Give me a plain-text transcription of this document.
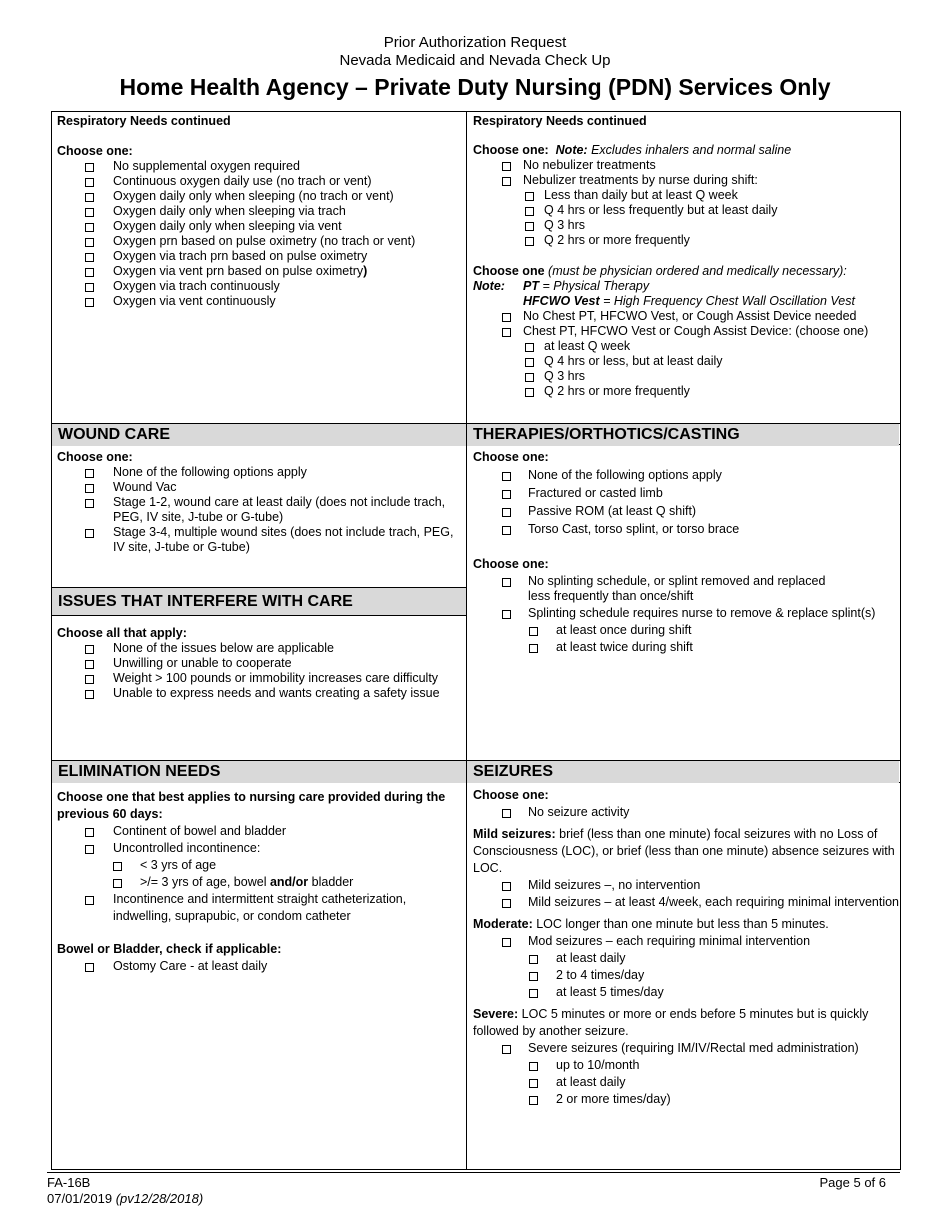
Prior Authorization Request
Nevada Medicaid and Nevada Check Up
Home Health Agency – Private Duty Nursing (PDN) Services Only
Respiratory Needs continued
Choose one:
No supplemental oxygen required
Continuous oxygen daily use (no trach or vent)
Oxygen daily only when sleeping (no trach or vent)
Oxygen daily only when sleeping via trach
Oxygen daily only when sleeping via vent
Oxygen prn based on pulse oximetry (no trach or vent)
Oxygen via trach prn based on pulse oximetry
Oxygen via vent prn based on pulse oximetry)
Oxygen via trach continuously
Oxygen via vent continuously
Respiratory Needs continued
Choose one: Note: Excludes inhalers and normal saline
No nebulizer treatments
Nebulizer treatments by nurse during shift:
Less than daily but at least Q week
Q 4 hrs or less frequently but at least daily
Q 3 hrs
Q 2 hrs or more frequently
Choose one (must be physician ordered and medically necessary):
Note: PT = Physical Therapy
HFCWO Vest = High Frequency Chest Wall Oscillation Vest
No Chest PT, HFCWO Vest, or Cough Assist Device needed
Chest PT, HFCWO Vest or Cough Assist Device: (choose one)
at least Q week
Q 4 hrs or less, but at least daily
Q 3 hrs
Q 2 hrs or more frequently
WOUND CARE	THERAPIES/ORTHOTICS/CASTING
Choose one:
None of the following options apply
Wound Vac
Stage 1-2, wound care at least daily (does not include trach, PEG, IV site, J-tube or G-tube)
Stage 3-4, multiple wound sites (does not include trach, PEG, IV site, J-tube or G-tube)
ISSUES THAT INTERFERE WITH CARE
Choose all that apply:
None of the issues below are applicable
Unwilling or unable to cooperate
Weight > 100 pounds or immobility increases care difficulty
Unable to express needs and wants creating a safety issue
Choose one:
None of the following options apply
Fractured or casted limb
Passive ROM (at least Q shift)
Torso Cast, torso splint, or torso brace
Choose one:
No splinting schedule, or splint removed and replaced less frequently than once/shift
Splinting schedule requires nurse to remove & replace splint(s)
at least once during shift
at least twice during shift
ELIMINATION NEEDS	SEIZURES
Choose one that best applies to nursing care provided during the previous 60 days:
Continent of bowel and bladder
Uncontrolled incontinence:
< 3 yrs of age
>/= 3 yrs of age, bowel and/or bladder
Incontinence and intermittent straight catheterization, indwelling, suprapubic, or condom catheter
Bowel or Bladder, check if applicable:
Ostomy Care - at least daily
Choose one:
No seizure activity
Mild seizures: brief (less than one minute) focal seizures with no Loss of Consciousness (LOC), or brief (less than one minute) absence seizures with LOC.
Mild seizures –, no intervention
Mild seizures – at least 4/week, each requiring minimal intervention
Moderate: LOC longer than one minute but less than 5 minutes.
Mod seizures – each requiring minimal intervention
at least daily
2 to 4 times/day
at least 5 times/day
Severe: LOC 5 minutes or more or ends before 5 minutes but is quickly followed by another seizure.
Severe seizures (requiring IM/IV/Rectal med administration)
up to 10/month
at least daily
2 or more times/day)
FA-16B
07/01/2019 (pv12/28/2018)
Page 5 of 6
